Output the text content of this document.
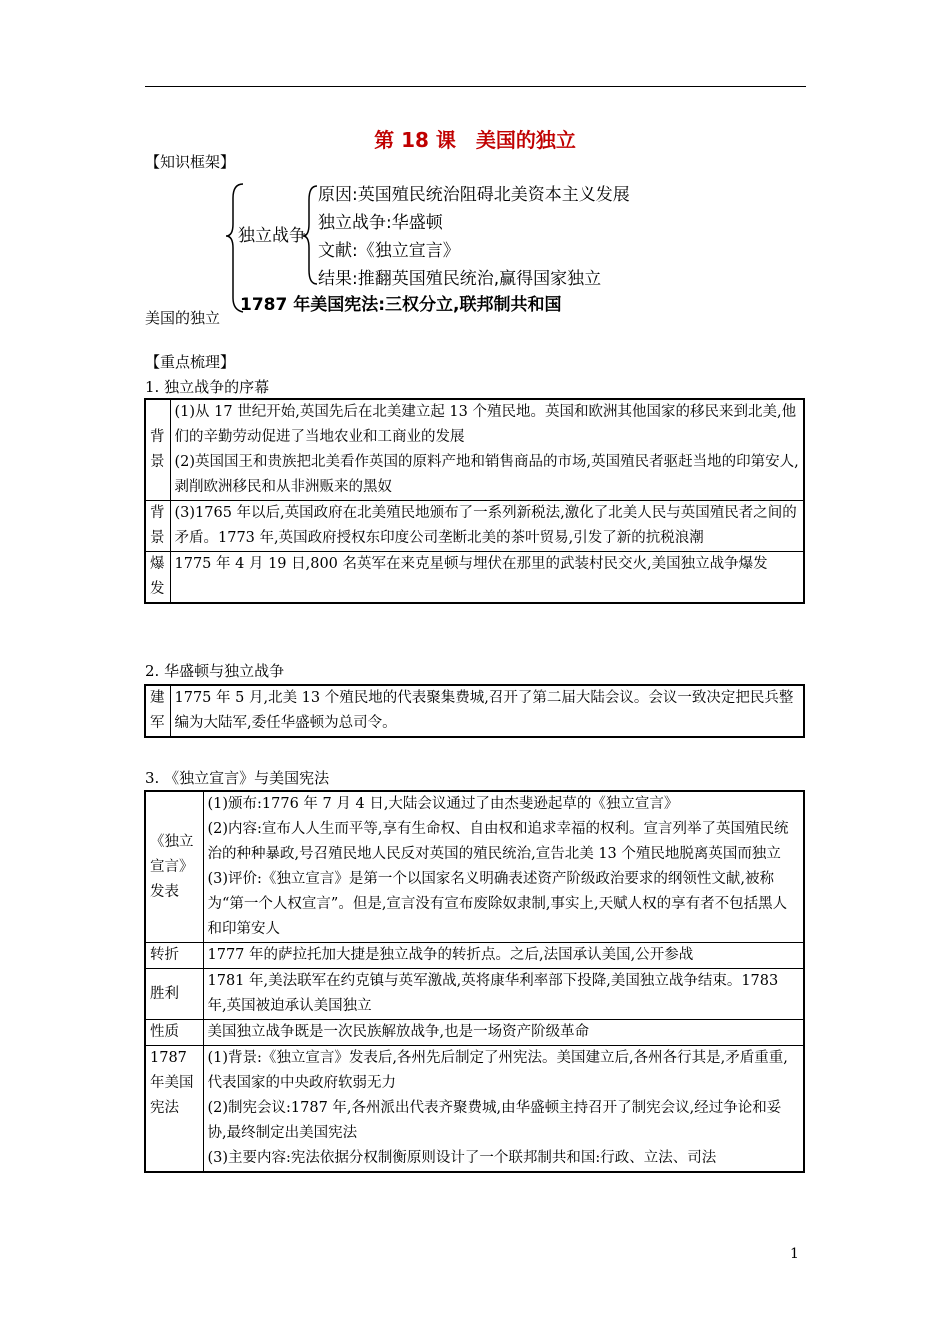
第 18 课　美国的独立
【知识框架】
美国的独立
独立战争
原因:英国殖民统治阻碍北美资本主义发展
独立战争:华盛顿
文献:《独立宣言》
结果:推翻英国殖民统治,赢得国家独立
1787 年美国宪法:三权分立,联邦制共和国
【重点梳理】
1. 独立战争的序幕
背景	(1)从 17 世纪开始,英国先后在北美建立起 13 个殖民地。英国和欧洲其他国家的移民来到北美,他们的辛勤劳动促进了当地农业和工商业的发展
(2)英国国王和贵族把北美看作英国的原料产地和销售商品的市场,英国殖民者驱赶当地的印第安人,剥削欧洲移民和从非洲贩来的黑奴

背景	(3)1765 年以后,英国政府在北美殖民地颁布了一系列新税法,激化了北美人民与英国殖民者之间的矛盾。1773 年,英国政府授权东印度公司垄断北美的茶叶贸易,引发了新的抗税浪潮

爆发	1775 年 4 月 19 日,800 名英军在来克星顿与埋伏在那里的武装村民交火,美国独立战争爆发
2. 华盛顿与独立战争
建军	
1775 年 5 月,北美 13 个殖民地的代表聚集费城,召开了第二届大陆会议。会议一致决定把民兵整编为大陆军,委任华盛顿为总司令。
3. 《独立宣言》与美国宪法
《独立宣言》发表	(1)颁布:1776 年 7 月 4 日,大陆会议通过了由杰斐逊起草的《独立宣言》
(2)内容:宣布人人生而平等,享有生命权、自由权和追求幸福的权利。宣言列举了英国殖民统治的种种暴政,号召殖民地人民反对英国的殖民统治,宣告北美 13 个殖民地脱离英国而独立
(3)评价:《独立宣言》是第一个以国家名义明确表述资产阶级政治要求的纲领性文献,被称为“第一个人权宣言”。但是,宣言没有宣布废除奴隶制,事实上,天赋人权的享有者不包括黑人和印第安人

转折	1777 年的萨拉托加大捷是独立战争的转折点。之后,法国承认美国,公开参战

胜利	1781 年,美法联军在约克镇与英军激战,英将康华利率部下投降,美国独立战争结束。1783 年,英国被迫承认美国独立

性质	美国独立战争既是一次民族解放战争,也是一场资产阶级革命

1787 年美国宪法	(1)背景:《独立宣言》发表后,各州先后制定了州宪法。美国建立后,各州各行其是,矛盾重重,代表国家的中央政府软弱无力
(2)制宪会议:1787 年,各州派出代表齐聚费城,由华盛顿主持召开了制宪会议,经过争论和妥协,最终制定出美国宪法
(3)主要内容:宪法依据分权制衡原则设计了一个联邦制共和国:行政、立法、司法
1
